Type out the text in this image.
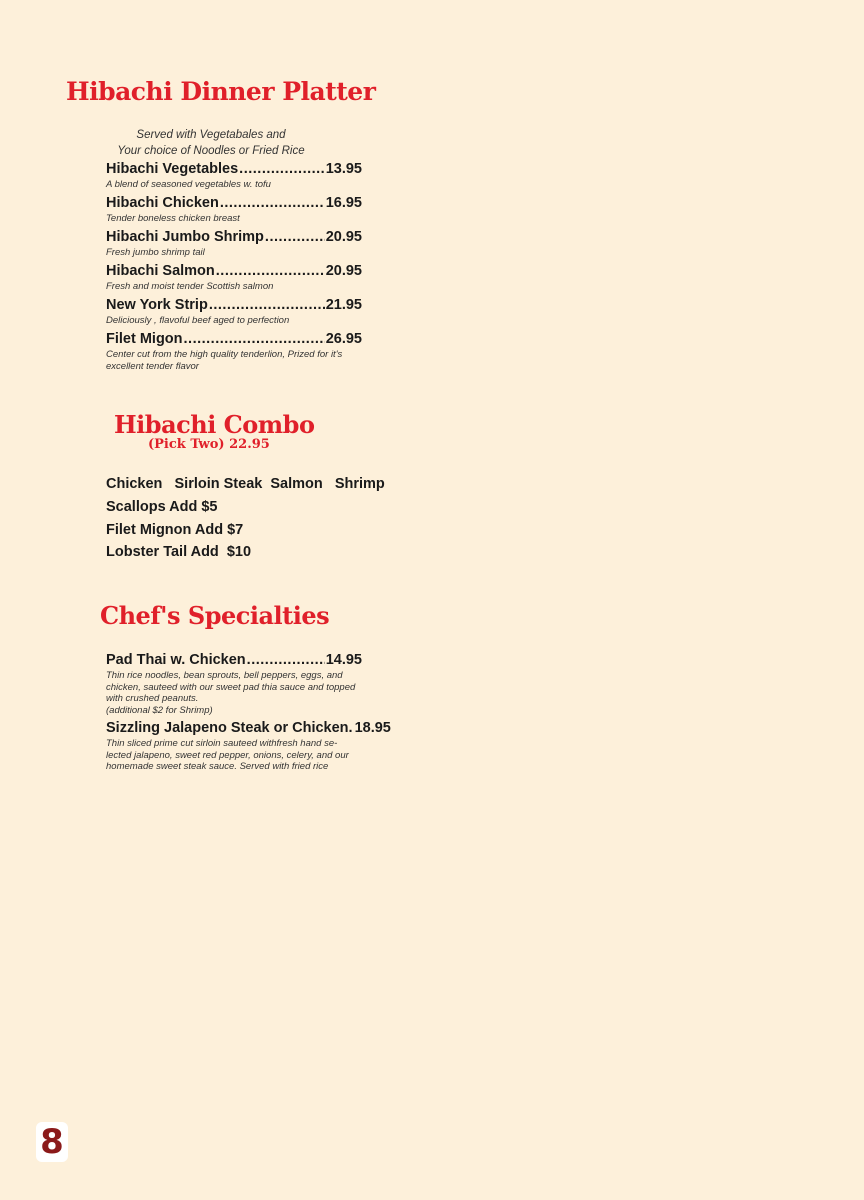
Hibachi Dinner Platter
Served with Vegetabales and
Your choice of Noodles or Fried Rice
Hibachi Vegetables .....	13.95
A blend of seasoned vegetables w. tofu
Hibachi Chicken .....	16.95
Tender boneless chicken breast
Hibachi Jumbo Shrimp .....	20.95
Fresh jumbo shrimp tail
Hibachi Salmon .....	20.95
Fresh and moist tender Scottish salmon
New York Strip .....	21.95
Deliciously , flavoful beef aged to perfection
Filet Migon .....	26.95
Center cut from the high quality tenderlion, Prized for it's excellent tender flavor
Hibachi Combo
(Pick Two) 22.95
Chicken   Sirloin Steak  Salmon   Shrimp
Scallops Add $5
Filet Mignon Add $7
Lobster Tail Add  $10
Chef's Specialties
Pad Thai w. Chicken .....	14.95
Thin rice noodles, bean sprouts, bell peppers, eggs, and chicken, sauteed with our sweet pad thia sauce and topped with crushed peanuts.
(additional $2 for Shrimp)
Sizzling Jalapeno Steak or Chicken. 18.95
Thin sliced prime cut sirloin sauteed withfresh hand se-lected jalapeno, sweet red pepper, onions, celery, and our homemade sweet steak sauce. Served with fried rice
8
